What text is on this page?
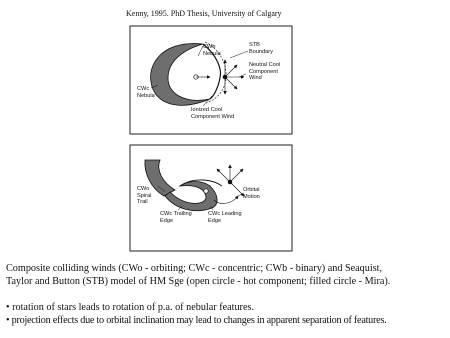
Kenny, 1995. PhD Thesis, University of Calgary
CWb
Nebula
STB
Boundary
Neutral Cool
Component
Wind
CWc
Nebula
Ionized Cool
Component Wind
CWo
Spiral
Trail
Orbital
Motion
CWc Trailing
Edge
CWc Leading
Edge
Composite colliding winds (CWo - orbiting; CWc - concentric; CWb - binary) and Seaquist,
Taylor and Button (STB) model of HM Sge (open circle - hot component; filled circle - Mira).
• rotation of stars leads to rotation of p.a. of nebular features.
• projection effects due to orbital inclination may lead to changes in apparent separation of features.
